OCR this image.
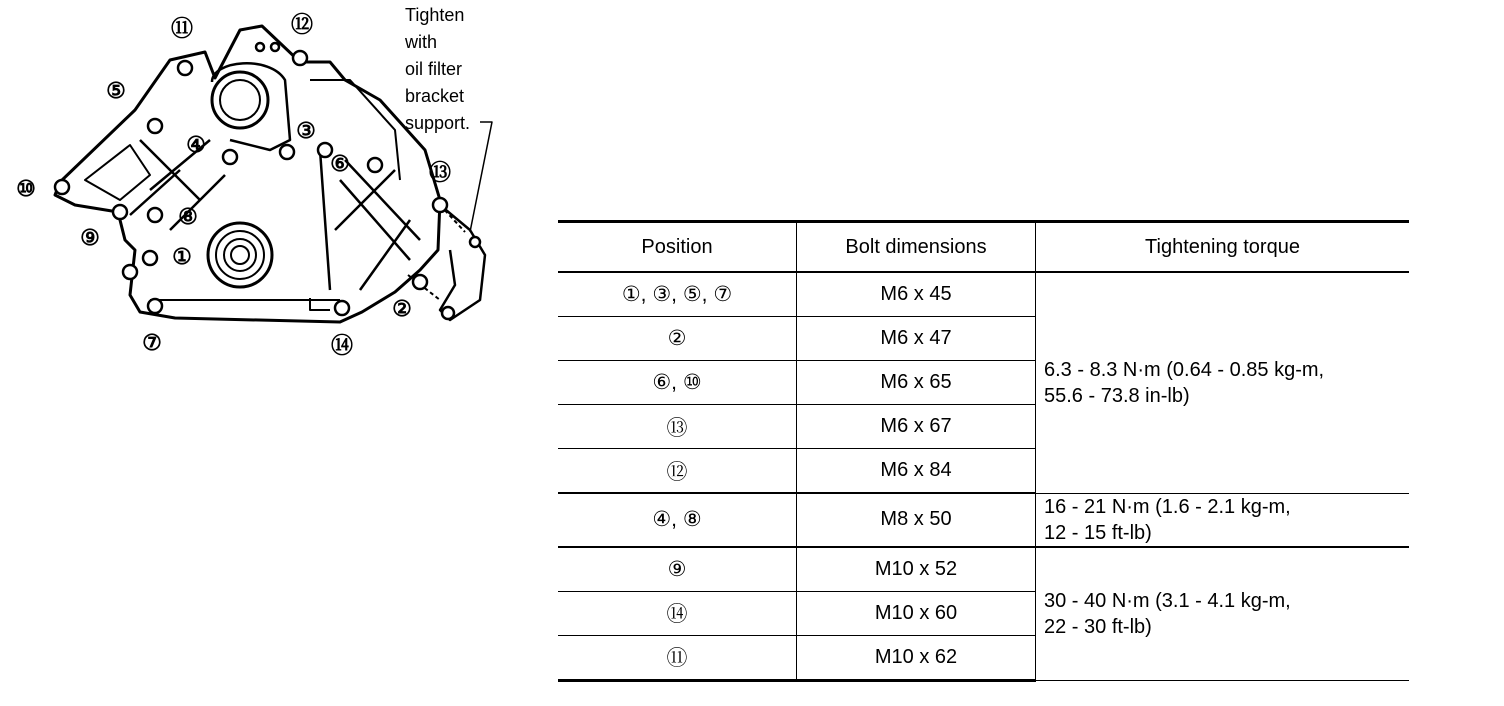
⑪	⑫
⑤
④
③
⑥	⑬
⑩
⑧
⑨
①
②
⑦	⑭
Tighten
with
oil filter
bracket
support.
Position	Bolt dimensions	Tightening torque
①, ③, ⑤, ⑦	M6 x 45	6.3 - 8.3 N·m (0.64 - 0.85 kg-m,
55.6 - 73.8 in-lb)

②	M6 x 47	
⑥, ⑩	M6 x 65	
⑬	M6 x 67	
⑫	M6 x 84	
④, ⑧	M8 x 50	16 - 21 N·m (1.6 - 2.1 kg-m,
12 - 15 ft-lb)

⑨	M10 x 52	30 - 40 N·m (3.1 - 4.1 kg-m,
22 - 30 ft-lb)

⑭	M10 x 60	
⑪	M10 x 62	
